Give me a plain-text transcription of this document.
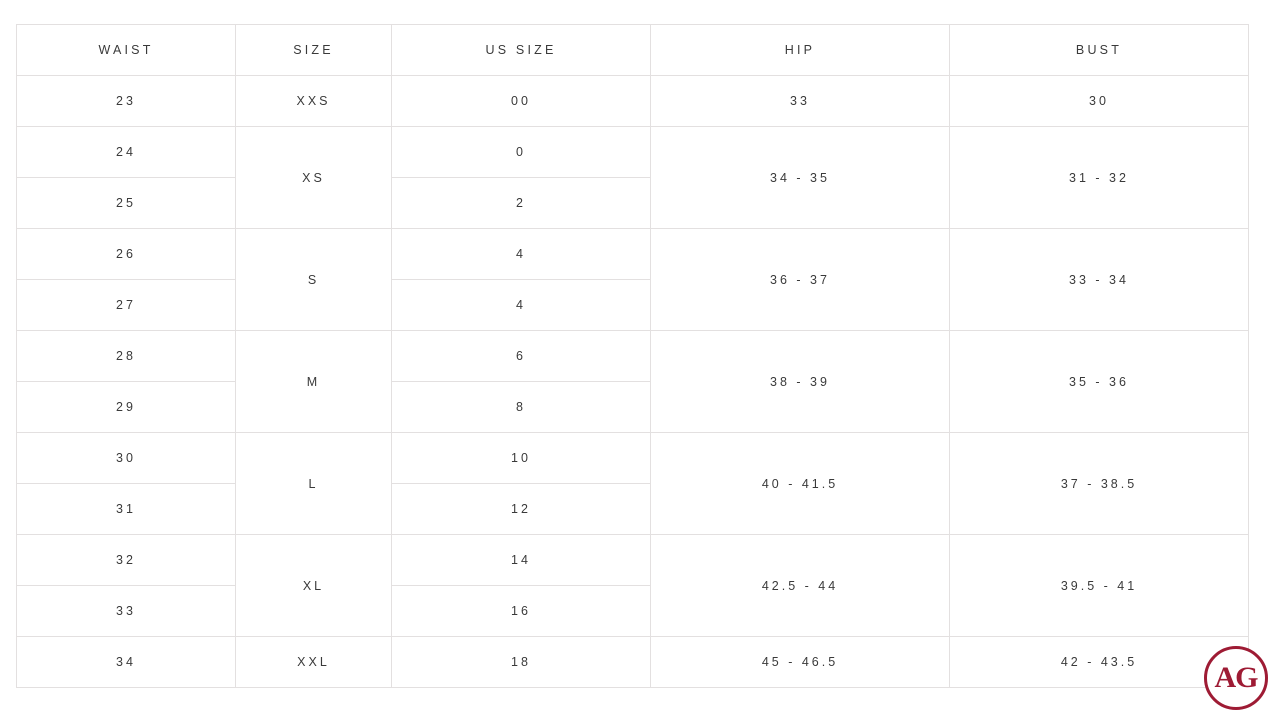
WAIST	SIZE	US SIZE	HIP	BUST
23	XXS	00	33	30
24	XS	0	34 - 35	31 - 32
25		2		
26	S	4	36 - 37	33 - 34
27		4		
28	M	6	38 - 39	35 - 36
29		8		
30	L	10	40 - 41.5	37 - 38.5
31		12		
32	XL	14	42.5 - 44	39.5 - 41
33		16		
34	XXL	18	45 - 46.5	42 - 43.5	AG
